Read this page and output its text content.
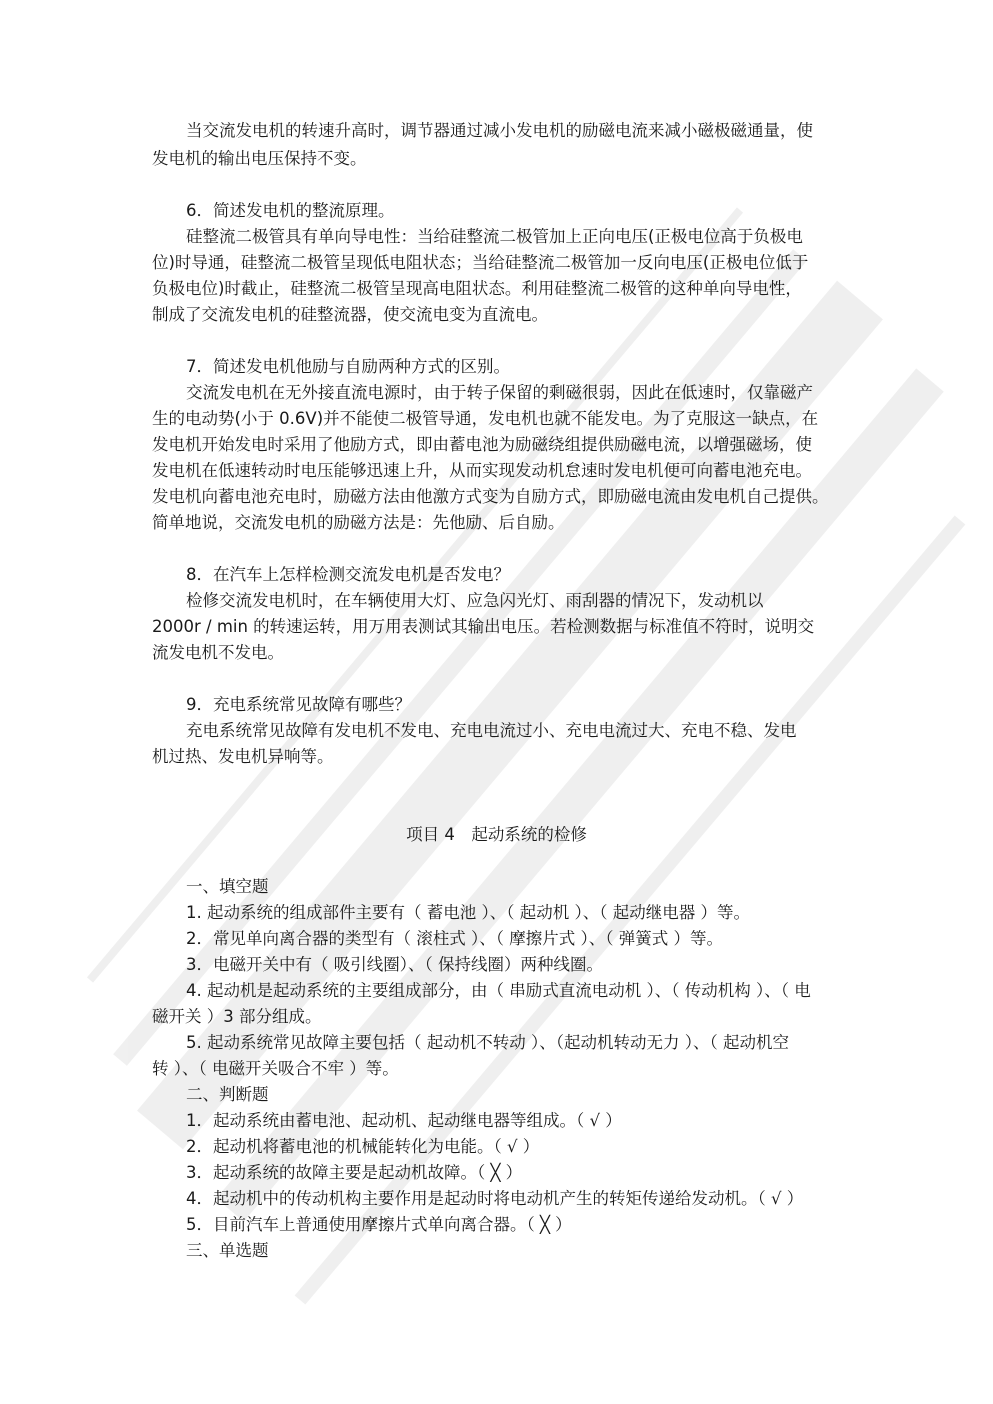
当交流发电机的转速升高时，调节器通过减小发电机的励磁电流来减小磁极磁通量，使
发电机的输出电压保持不变。
6．简述发电机的整流原理。
硅整流二极管具有单向导电性：当给硅整流二极管加上正向电压(正极电位高于负极电
位)时导通，硅整流二极管呈现低电阻状态；当给硅整流二极管加一反向电压(正极电位低于
负极电位)时截止，硅整流二极管呈现高电阻状态。利用硅整流二极管的这种单向导电性，
制成了交流发电机的硅整流器，使交流电变为直流电。
7．简述发电机他励与自励两种方式的区别。
交流发电机在无外接直流电源时，由于转子保留的剩磁很弱，因此在低速时，仅靠磁产
生的电动势(小于 0.6V)并不能使二极管导通，发电机也就不能发电。为了克服这一缺点，在
发电机开始发电时采用了他励方式，即由蓄电池为励磁绕组提供励磁电流，以增强磁场，使
发电机在低速转动时电压能够迅速上升，从而实现发动机怠速时发电机便可向蓄电池充电。
发电机向蓄电池充电时，励磁方法由他激方式变为自励方式，即励磁电流由发电机自己提供。
简单地说，交流发电机的励磁方法是：先他励、后自励。
8．在汽车上怎样检测交流发电机是否发电？
检修交流发电机时，在车辆使用大灯、应急闪光灯、雨刮器的情况下，发动机以
2000r / min 的转速运转，用万用表测试其输出电压。若检测数据与标准值不符时，说明交
流发电机不发电。
9．充电系统常见故障有哪些？
充电系统常见故障有发电机不发电、充电电流过小、充电电流过大、充电不稳、发电
机过热、发电机异响等。
项目 4　起动系统的检修
一、填空题
1. 起动系统的组成部件主要有（ 蓄电池 ）、（ 起动机 ）、（ 起动继电器 ）等。
2．常见单向离合器的类型有（ 滚柱式 ）、（ 摩擦片式 ）、（ 弹簧式 ）等。
3．电磁开关中有（ 吸引线圈）、（ 保持线圈）两种线圈。
4. 起动机是起动系统的主要组成部分，由（ 串励式直流电动机 ）、（ 传动机构 ）、（ 电
磁开关 ）3 部分组成。
5. 起动系统常见故障主要包括（ 起动机不转动 ）、（起动机转动无力 ）、（ 起动机空
转 ）、（ 电磁开关吸合不牢 ）等。
二、判断题
1．起动系统由蓄电池、起动机、起动继电器等组成。（ √ ）
2．起动机将蓄电池的机械能转化为电能。（ √ ）
3．起动系统的故障主要是起动机故障。（ ╳ ）
4．起动机中的传动机构主要作用是起动时将电动机产生的转矩传递给发动机。（ √ ）
5．目前汽车上普通使用摩擦片式单向离合器。（ ╳ ）
三、单选题
